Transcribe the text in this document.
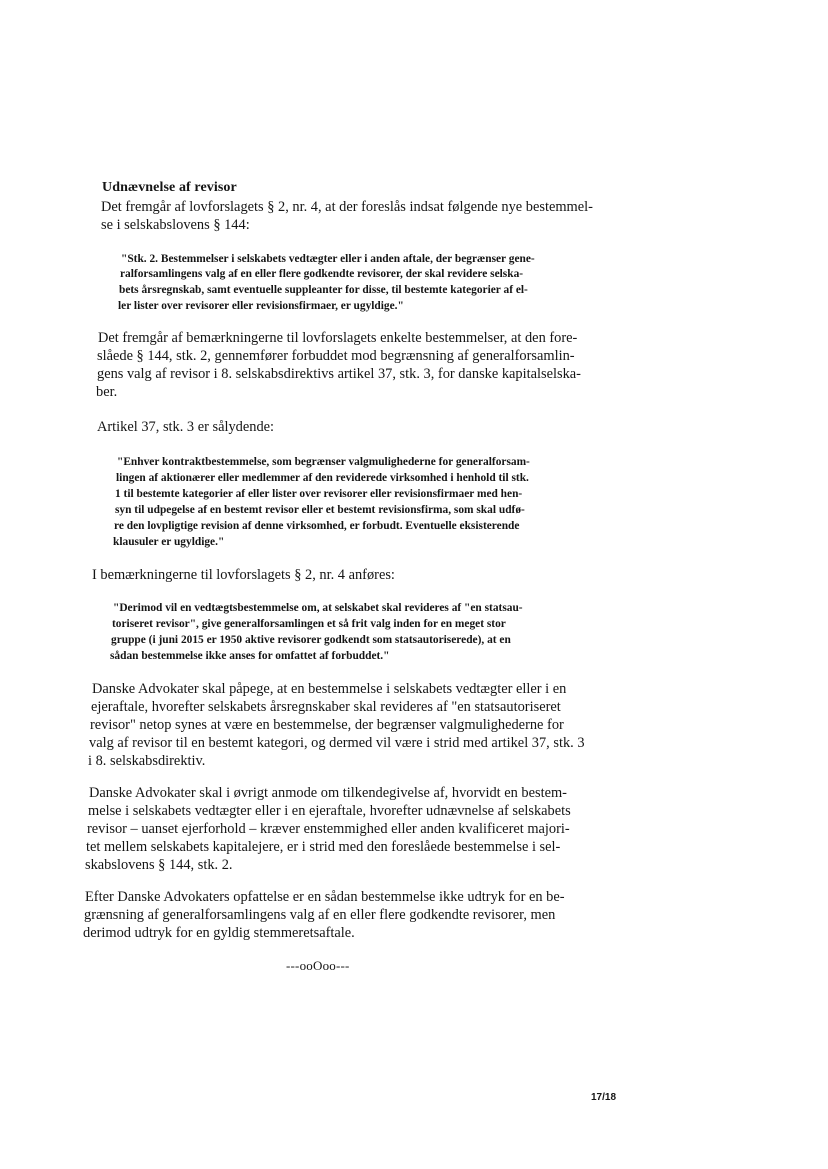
Udnævnelse af revisor
Det fremgår af lovforslagets § 2, nr. 4, at der foreslås indsat følgende nye bestemmel-
se i selskabslovens § 144:
"Stk. 2. Bestemmelser i selskabets vedtægter eller i anden aftale, der begrænser gene-
ralforsamlingens valg af en eller flere godkendte revisorer, der skal revidere selska-
bets årsregnskab, samt eventuelle suppleanter for disse, til bestemte kategorier af el-
ler lister over revisorer eller revisionsfirmaer, er ugyldige."
Det fremgår af bemærkningerne til lovforslagets enkelte bestemmelser, at den fore-
slåede § 144, stk. 2, gennemfører forbuddet mod begrænsning af generalforsamlin-
gens valg af revisor i 8. selskabsdirektivs artikel 37, stk. 3, for danske kapitalselska-
ber.
Artikel 37, stk. 3 er sålydende:
"Enhver kontraktbestemmelse, som begrænser valgmulighederne for generalforsam-
lingen af aktionærer eller medlemmer af den reviderede virksomhed i henhold til stk.
1 til bestemte kategorier af eller lister over revisorer eller revisionsfirmaer med hen-
syn til udpegelse af en bestemt revisor eller et bestemt revisionsfirma, som skal udfø-
re den lovpligtige revision af denne virksomhed, er forbudt. Eventuelle eksisterende
klausuler er ugyldige."
I bemærkningerne til lovforslagets § 2, nr. 4 anføres:
"Derimod vil en vedtægtsbestemmelse om, at selskabet skal revideres af "en statsau-
toriseret revisor", give generalforsamlingen et så frit valg inden for en meget stor
gruppe (i juni 2015 er 1950 aktive revisorer godkendt som statsautoriserede), at en
sådan bestemmelse ikke anses for omfattet af forbuddet."
Danske Advokater skal påpege, at en bestemmelse i selskabets vedtægter eller i en
ejeraftale, hvorefter selskabets årsregnskaber skal revideres af "en statsautoriseret
revisor" netop synes at være en bestemmelse, der begrænser valgmulighederne for
valg af revisor til en bestemt kategori, og dermed vil være i strid med artikel 37, stk. 3
i 8. selskabsdirektiv.
Danske Advokater skal i øvrigt anmode om tilkendegivelse af, hvorvidt en bestem-
melse i selskabets vedtægter eller i en ejeraftale, hvorefter udnævnelse af selskabets
revisor – uanset ejerforhold – kræver enstemmighed eller anden kvalificeret majori-
tet mellem selskabets kapitalejere, er i strid med den foreslåede bestemmelse i sel-
skabslovens § 144, stk. 2.
Efter Danske Advokaters opfattelse er en sådan bestemmelse ikke udtryk for en be-
grænsning af generalforsamlingens valg af en eller flere godkendte revisorer, men
derimod udtryk for en gyldig stemmeretsaftale.
---ooOoo---
17/18
